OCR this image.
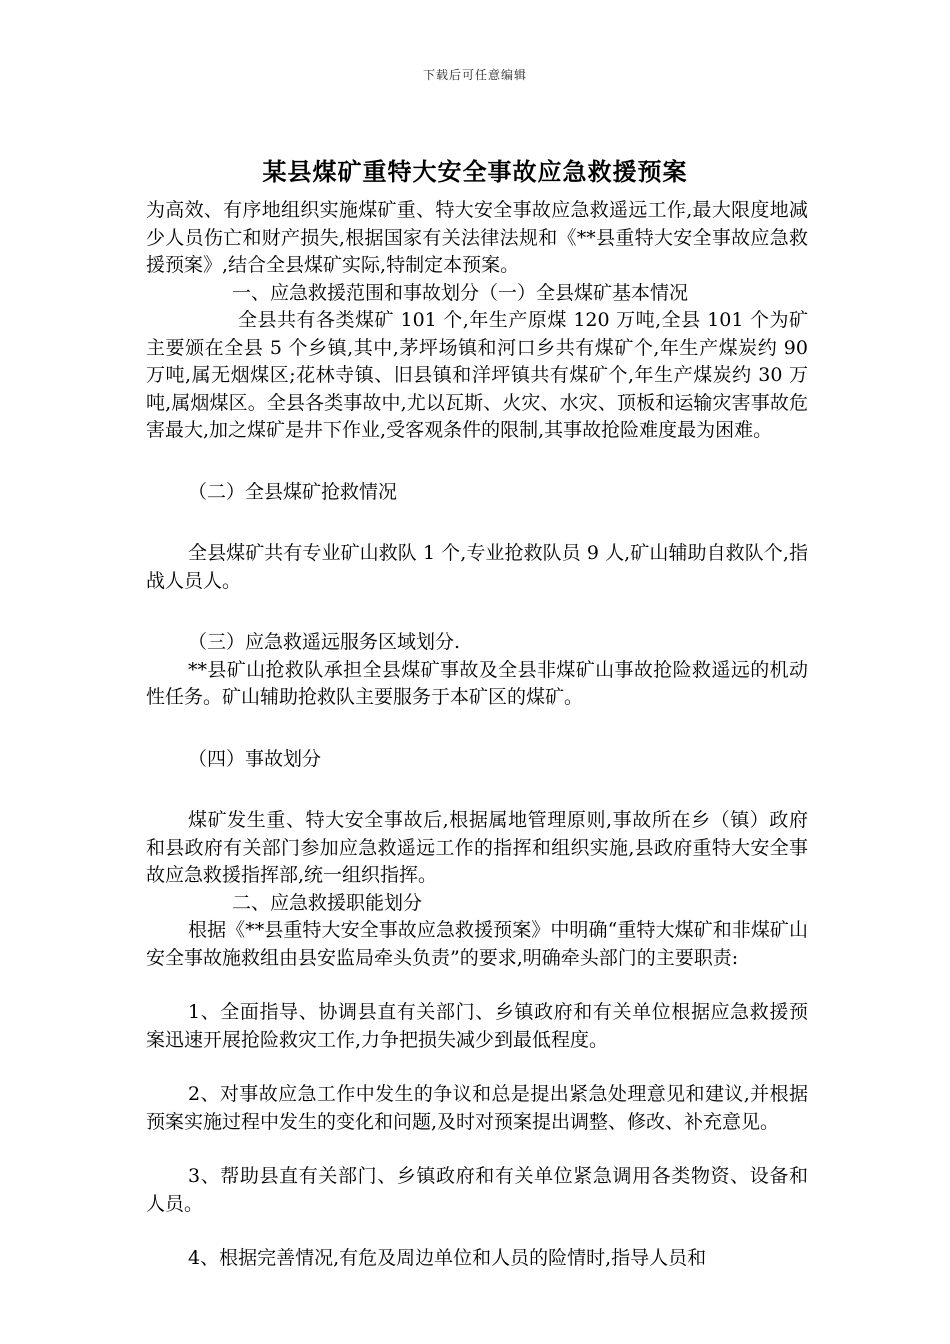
下载后可任意编辑
某县煤矿重特大安全事故应急救援预案

为高效、有序地组织实施煤矿重、特大安全事故应急救遥远工作,最大限度地减少人员伤亡和财产损失,根据国家有关法律法规和《**县重特大安全事故应急救援预案》,结合全县煤矿实际,特制定本预案。

一、应急救援范围和事故划分（一）全县煤矿基本情况

全县共有各类煤矿 101 个,年生产原煤 120 万吨,全县 101 个为矿主要颁在全县 5 个乡镇,其中,茅坪场镇和河口乡共有煤矿个,年生产煤炭约 90 万吨,属无烟煤区;花林寺镇、旧县镇和洋坪镇共有煤矿个,年生产煤炭约 30 万吨,属烟煤区。全县各类事故中,尤以瓦斯、火灾、水灾、顶板和运输灾害事故危害最大,加之煤矿是井下作业,受客观条件的限制,其事故抢险难度最为困难。

（二）全县煤矿抢救情况

全县煤矿共有专业矿山救队 1 个,专业抢救队员 9 人,矿山辅助自救队个,指战人员人。

（三）应急救遥远服务区域划分.

**县矿山抢救队承担全县煤矿事故及全县非煤矿山事故抢险救遥远的机动性任务。矿山辅助抢救队主要服务于本矿区的煤矿。

（四）事故划分

煤矿发生重、特大安全事故后,根据属地管理原则,事故所在乡（镇）政府和县政府有关部门参加应急救遥远工作的指挥和组织实施,县政府重特大安全事故应急救援指挥部,统一组织指挥。

二、应急救援职能划分

根据《**县重特大安全事故应急救援预案》中明确“重特大煤矿和非煤矿山安全事故施救组由县安监局牵头负责”的要求,明确牵头部门的主要职责:

1、全面指导、协调县直有关部门、乡镇政府和有关单位根据应急救援预案迅速开展抢险救灾工作,力争把损失减少到最低程度。

2、对事故应急工作中发生的争议和总是提出紧急处理意见和建议,并根据预案实施过程中发生的变化和问题,及时对预案提出调整、修改、补充意见。

3、帮助县直有关部门、乡镇政府和有关单位紧急调用各类物资、设备和人员。

4、根据完善情况,有危及周边单位和人员的险情时,指导人员和
